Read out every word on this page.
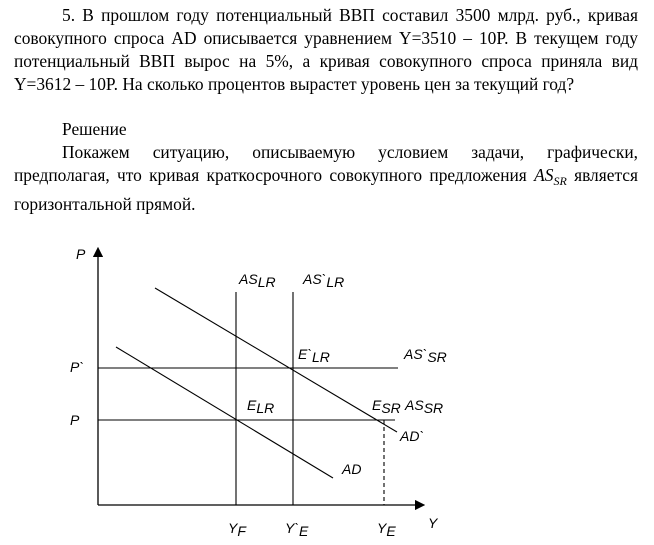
5. В прошлом году потенциальный ВВП составил 3500 млрд. руб., кривая совокупного спроса AD описывается уравнением Y=3510 – 10P. В текущем году потенциальный ВВП вырос на 5%, а кривая совокупного спроса приняла вид Y=3612 – 10P. На сколько процентов вырастет уровень цен за текущий год?

Решение

Покажем ситуацию, описываемую условием задачи, графически, предполагая, что кривая краткосрочного совокупного предложения $AS_{SR}$ является горизонтальной прямой.

P
Y
P`
P
ASLR AS`LR
E`LR	AS`SR
ELR	ESR ASSR
AD`
AD
YF	Y`E	YE
